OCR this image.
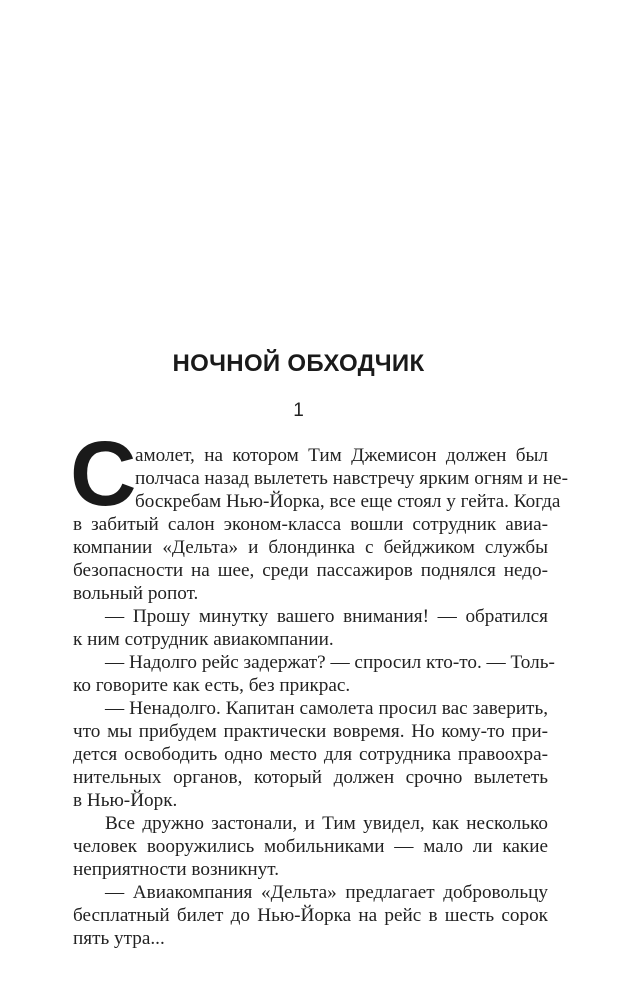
НОЧНОЙ ОБХОДЧИК
1
С
амолет, на котором Тим Джемисон должен был
полчаса назад вылететь навстречу ярким огням и не-
боскребам Нью-Йорка, все еще стоял у гейта. Когда
в забитый салон эконом-класса вошли сотрудник авиа-
компании «Дельта» и блондинка с бейджиком службы
безопасности на шее, среди пассажиров поднялся недо-
вольный ропот.
— Прошу минутку вашего внимания! — обратился
к ним сотрудник авиакомпании.
— Надолго рейс задержат? — спросил кто-то. — Толь-
ко говорите как есть, без прикрас.
— Ненадолго. Капитан самолета просил вас заверить,
что мы прибудем практически вовремя. Но кому-то при-
дется освободить одно место для сотрудника правоохра-
нительных органов, который должен срочно вылететь
в Нью-Йорк.
Все дружно застонали, и Тим увидел, как несколько
человек вооружились мобильниками — мало ли какие
неприятности возникнут.
— Авиакомпания «Дельта» предлагает добровольцу
бесплатный билет до Нью-Йорка на рейс в шесть сорок
пять утра...
